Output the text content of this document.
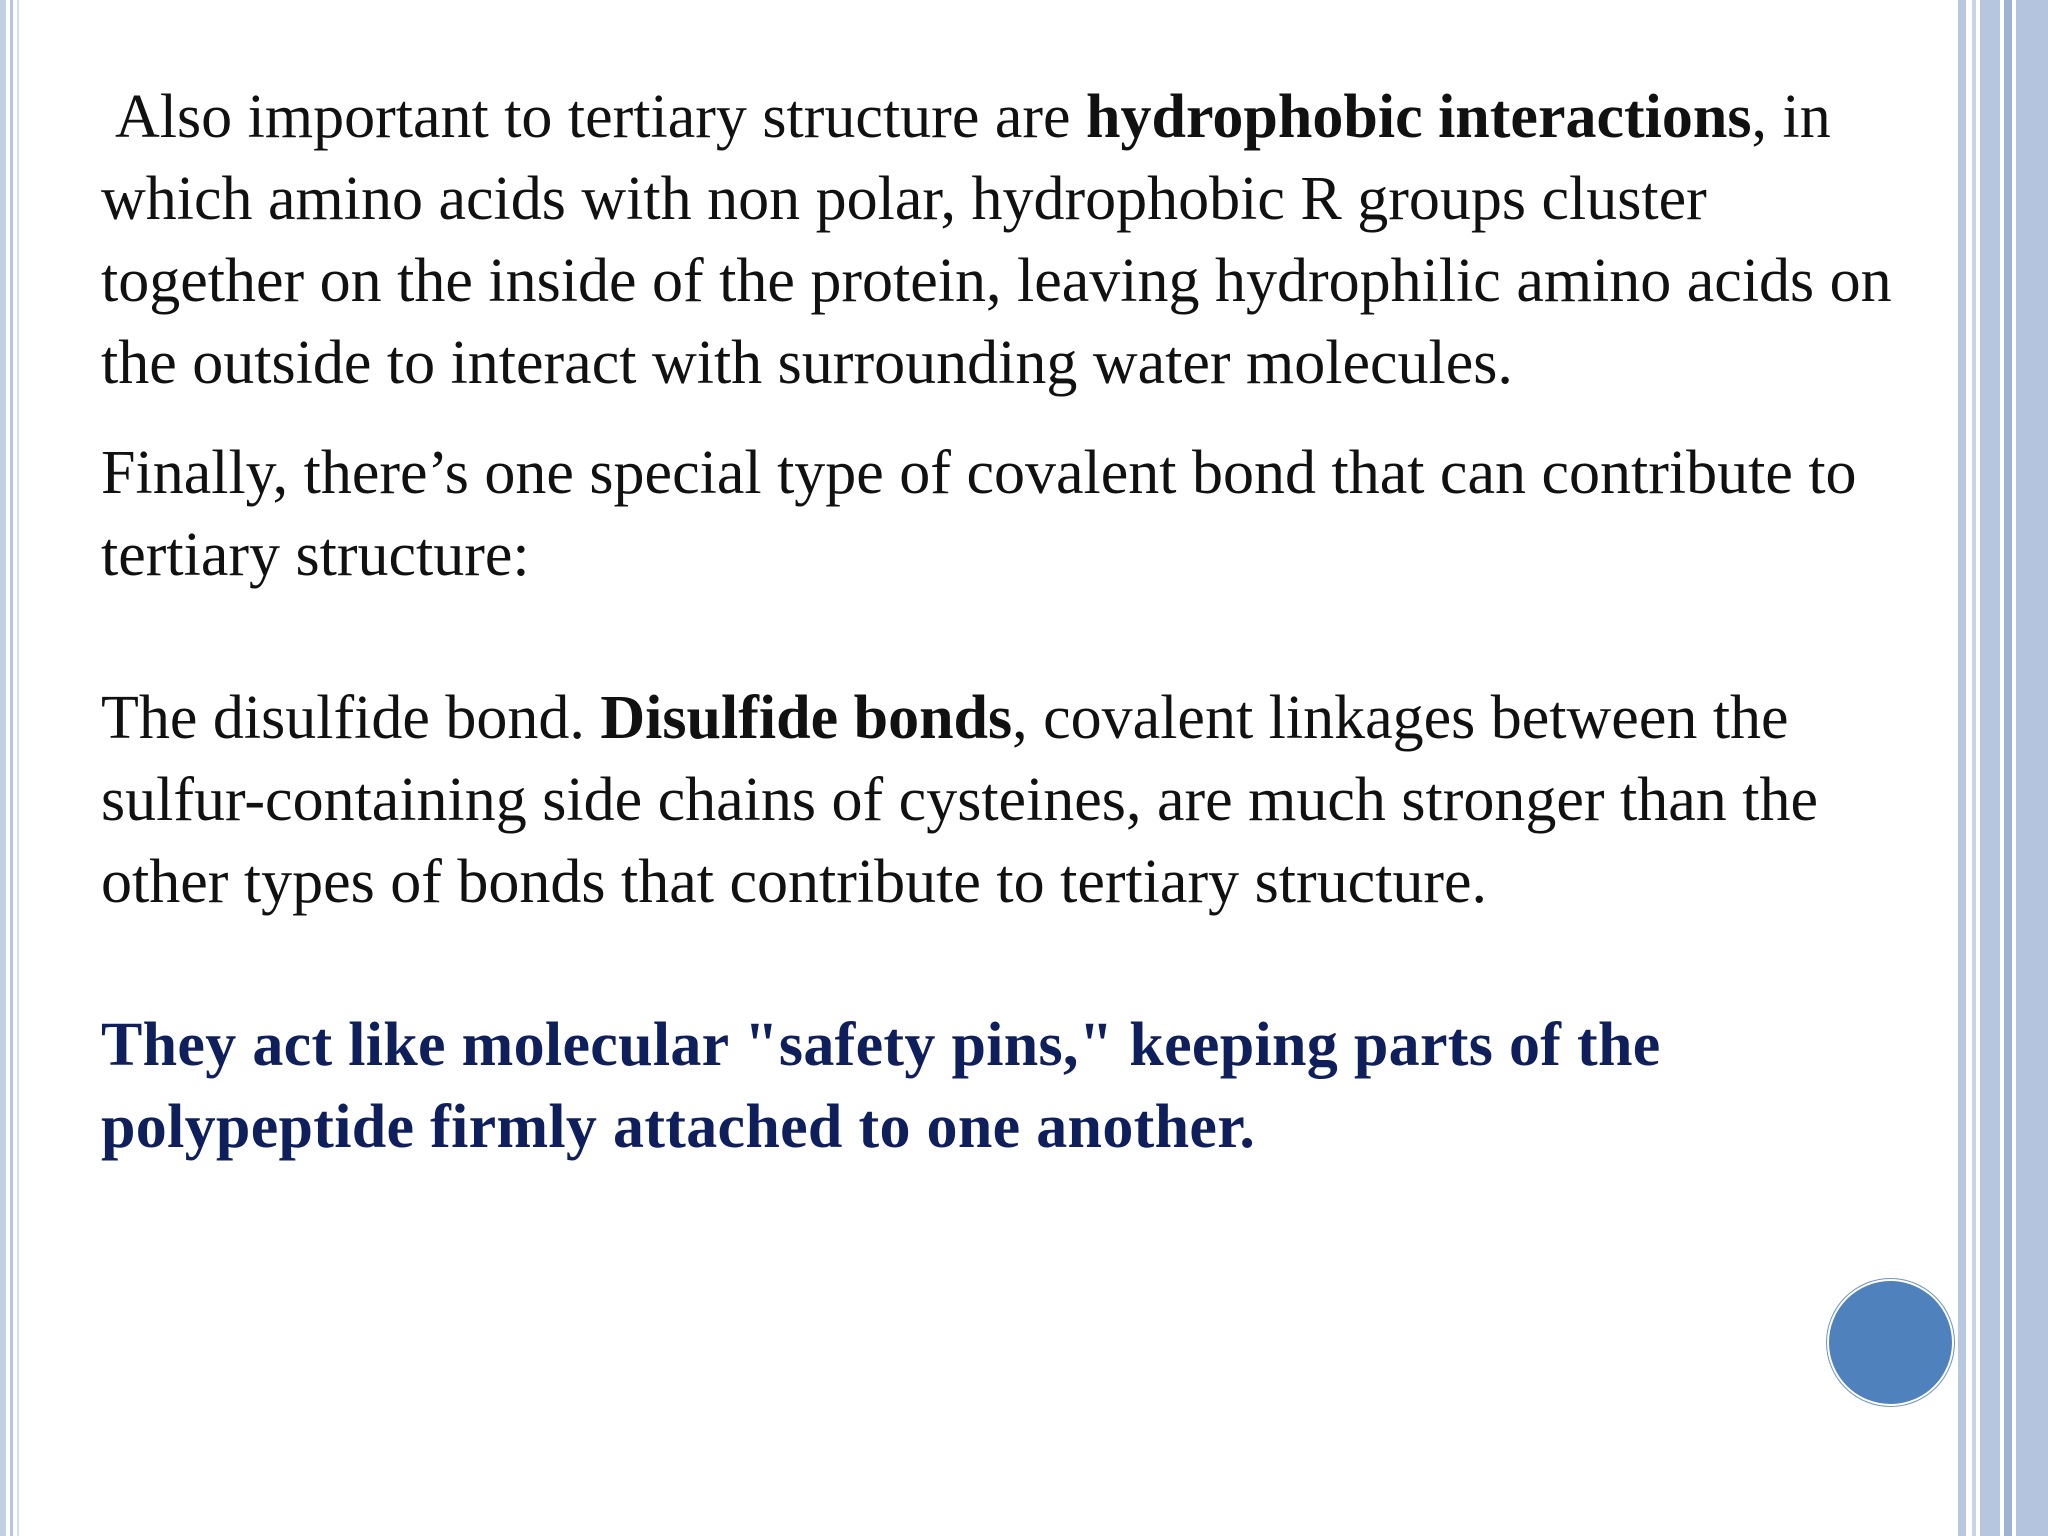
Also important to tertiary structure are hydrophobic interactions, in which amino acids with non polar, hydrophobic R groups cluster together on the inside of the protein, leaving hydrophilic amino acids on the outside to interact with surrounding water molecules.

Finally, there’s one special type of covalent bond that can contribute to tertiary structure:

The disulfide bond. Disulfide bonds, covalent linkages between the sulfur-containing side chains of cysteines, are much stronger than the other types of bonds that contribute to tertiary structure.

They act like molecular "safety pins," keeping parts of the polypeptide firmly attached to one another.
